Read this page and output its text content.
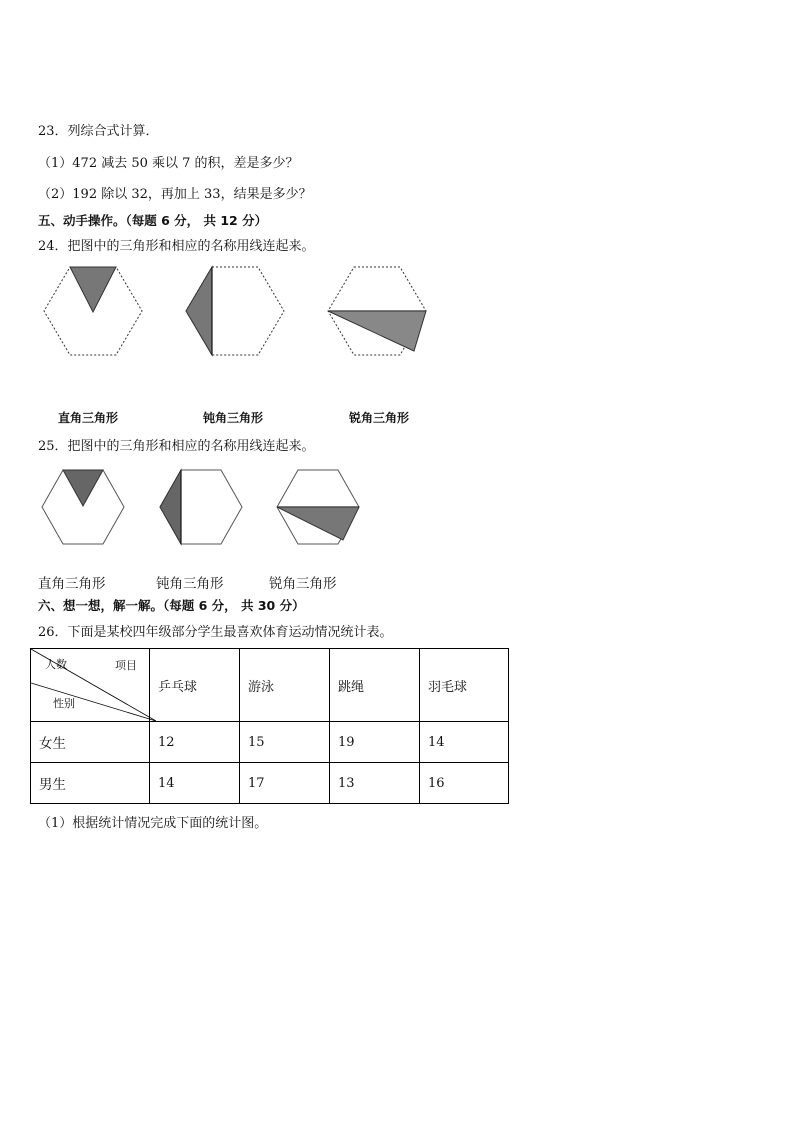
23．列综合式计算．
（1）472 减去 50 乘以 7 的积，差是多少？
（2）192 除以 32，再加上 33，结果是多少？
五、动手操作。（每题 6 分， 共 12 分）
24．把图中的三角形和相应的名称用线连起来。
直角三角形	钝角三角形	锐角三角形
25．把图中的三角形和相应的名称用线连起来。
直角三角形	钝角三角形	锐角三角形
六、想一想，解一解。（每题 6 分， 共 30 分）
26．下面是某校四年级部分学生最喜欢体育运动情况统计表。
人数 项目
性别	乒乓球	游泳	跳绳	羽毛球
女生	12	15	19	14
男生	14	17	13	16
（1）根据统计情况完成下面的统计图。
